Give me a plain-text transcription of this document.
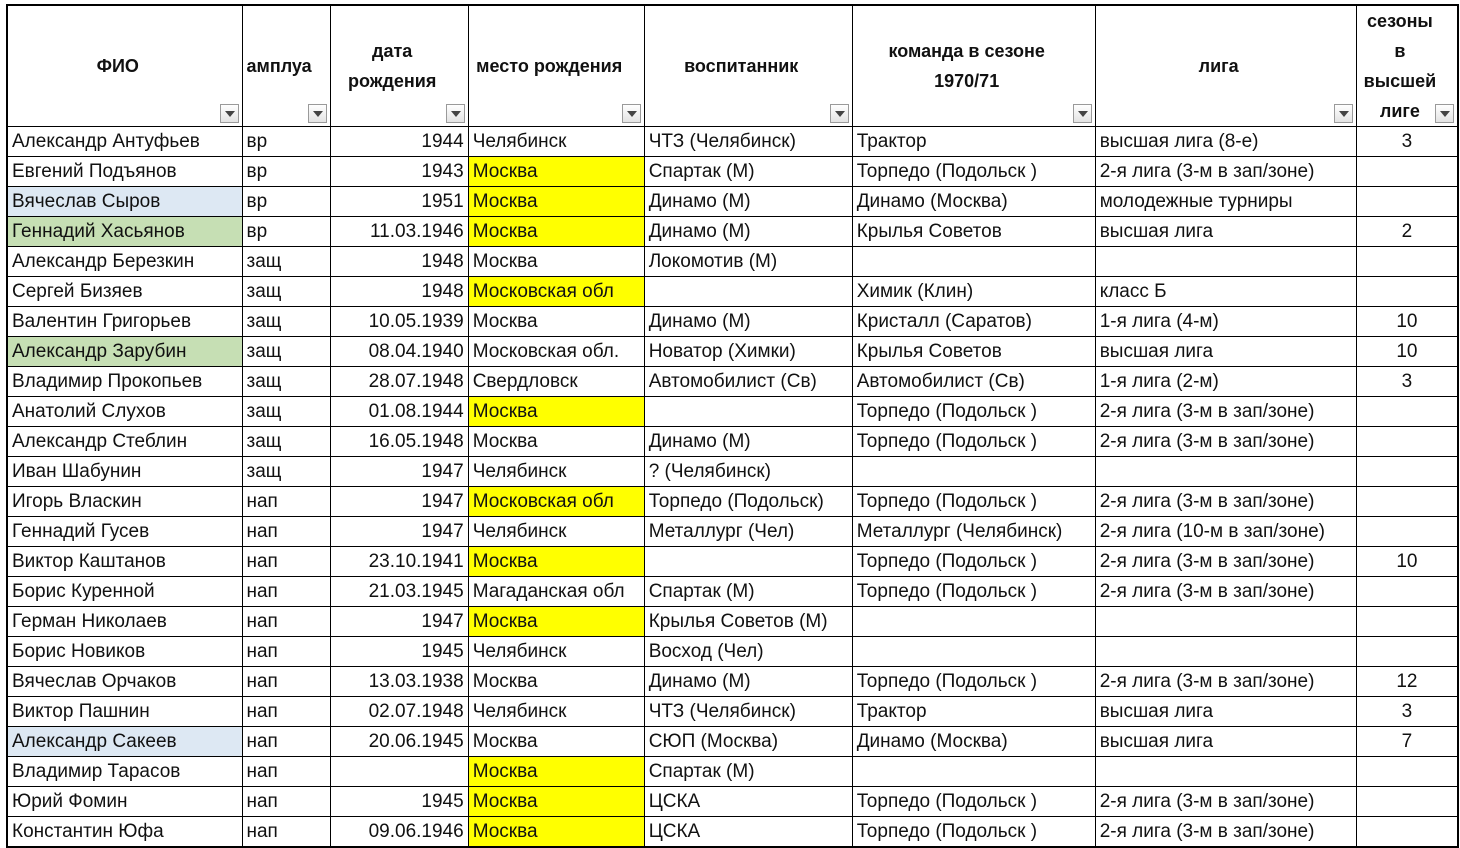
ФИО	амплуа	дата рождения	место рождения	воспитанник	команда в сезоне 1970/71	лига	сезоны в высшей лиге

Александр Антуфьев	вр	1944	Челябинск	ЧТЗ (Челябинск)	Трактор	высшая лига (8-е)	3
Евгений Подъянов	вр	1943	Москва	Спартак (М)	Торпедо (Подольск )	2-я лига (3-м в зап/зоне)	
Вячеслав Сыров	вр	1951	Москва	Динамо (М)	Динамо (Москва)	молодежные турниры	
Геннадий Хасьянов	вр	11.03.1946	Москва	Динамо (М)	Крылья Советов	высшая лига	2
Александр Березкин	защ	1948	Москва	Локомотив (М)			
Сергей Бизяев	защ	1948	Московская обл		Химик (Клин)	класс Б	
Валентин Григорьев	защ	10.05.1939	Москва	Динамо (М)	Кристалл (Саратов)	1-я лига (4-м)	10
Александр Зарубин	защ	08.04.1940	Московская обл.	Новатор (Химки)	Крылья Советов	высшая лига	10
Владимир Прокопьев	защ	28.07.1948	Свердловск	Автомобилист (Св)	Автомобилист (Св)	1-я лига (2-м)	3
Анатолий Слухов	защ	01.08.1944	Москва		Торпедо (Подольск )	2-я лига (3-м в зап/зоне)	
Александр Стеблин	защ	16.05.1948	Москва	Динамо (М)	Торпедо (Подольск )	2-я лига (3-м в зап/зоне)	
Иван Шабунин	защ	1947	Челябинск	? (Челябинск)			
Игорь Власкин	нап	1947	Московская обл	Торпедо (Подольск)	Торпедо (Подольск )	2-я лига (3-м в зап/зоне)	
Геннадий Гусев	нап	1947	Челябинск	Металлург (Чел)	Металлург (Челябинск)	2-я лига (10-м в зап/зоне)	
Виктор Каштанов	нап	23.10.1941	Москва		Торпедо (Подольск )	2-я лига (3-м в зап/зоне)	10
Борис Куренной	нап	21.03.1945	Магаданская обл	Спартак (М)	Торпедо (Подольск )	2-я лига (3-м в зап/зоне)	
Герман Николаев	нап	1947	Москва	Крылья Советов (М)			
Борис Новиков	нап	1945	Челябинск	Восход (Чел)			
Вячеслав Орчаков	нап	13.03.1938	Москва	Динамо (М)	Торпедо (Подольск )	2-я лига (3-м в зап/зоне)	12
Виктор Пашнин	нап	02.07.1948	Челябинск	ЧТЗ (Челябинск)	Трактор	высшая лига	3
Александр Сакеев	нап	20.06.1945	Москва	СЮП (Москва)	Динамо (Москва)	высшая лига	7
Владимир Тарасов	нап		Москва	Спартак (М)			
Юрий Фомин	нап	1945	Москва	ЦСКА	Торпедо (Подольск )	2-я лига (3-м в зап/зоне)	
Константин Юфа	нап	09.06.1946	Москва	ЦСКА	Торпедо (Подольск )	2-я лига (3-м в зап/зоне)	
